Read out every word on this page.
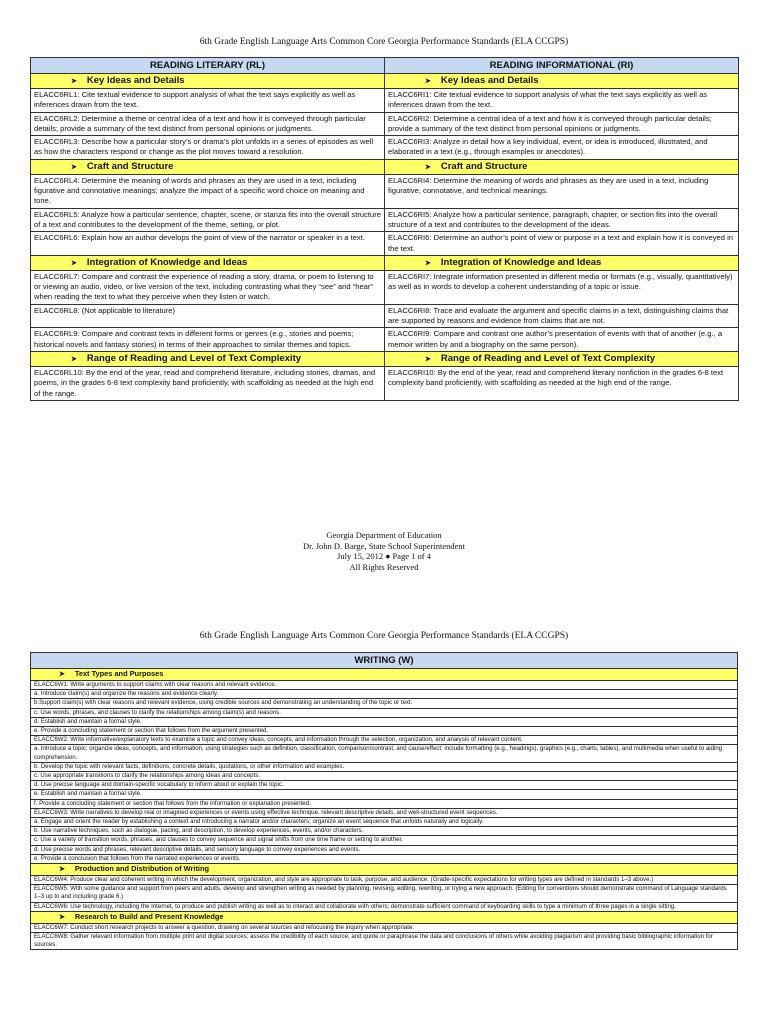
6th Grade English Language Arts Common Core Georgia Performance Standards (ELA CCGPS)
READING LITERARY (RL)	READING INFORMATIONAL (RI)
➤ Key Ideas and Details	➤ Key Ideas and Details
ELACC6RL1: Cite textual evidence to support analysis of what the text says explicitly as well as inferences drawn from the text.	ELACC6RI1: Cite textual evidence to support analysis of what the text says explicitly as well as inferences drawn from the text.
ELACC6RL2: Determine a theme or central idea of a text and how it is conveyed through particular details; provide a summary of the text distinct from personal opinions or judgments.	ELACC6RI2: Determine a central idea of a text and how it is conveyed through particular details; provide a summary of the text distinct from personal opinions or judgments.
ELACC6RL3: Describe how a particular story’s or drama’s plot unfolds in a series of episodes as well as how the characters respond or change as the plot moves toward a resolution.	ELACC6RI3: Analyze in detail how a key individual, event, or idea is introduced, illustrated, and elaborated in a text (e.g., through examples or anecdotes).
➤ Craft and Structure	➤ Craft and Structure
ELACC6RL4: Determine the meaning of words and phrases as they are used in a text, including figurative and connotative meanings; analyze the impact of a specific word choice on meaning and tone.	ELACC6RI4: Determine the meaning of words and phrases as they are used in a text, including figurative, connotative, and technical meanings.
ELACC6RL5: Analyze how a particular sentence, chapter, scene, or stanza fits into the overall structure of a text and contributes to the development of the theme, setting, or plot.	ELACC6RI5: Analyze how a particular sentence, paragraph, chapter, or section fits into the overall structure of a text and contributes to the development of the ideas.
ELACC6RL6: Explain how an author develops the point of view of the narrator or speaker in a text.	ELACC6RI6: Determine an author’s point of view or purpose in a text and explain how it is conveyed in the text.
➤ Integration of Knowledge and Ideas	➤ Integration of Knowledge and Ideas
ELACC6RL7: Compare and contrast the experience of reading a story, drama, or poem to listening to or viewing an audio, video, or live version of the text, including contrasting what they “see” and “hear” when reading the text to what they perceive when they listen or watch.	ELACC6RI7: Integrate information presented in different media or formats (e.g., visually, quantitatively) as well as in words to develop a coherent understanding of a topic or issue.
ELACC6RL8: (Not applicable to literature)	ELACC6RI8: Trace and evaluate the argument and specific claims in a text, distinguishing claims that are supported by reasons and evidence from claims that are not.
ELACC6RL9: Compare and contrast texts in different forms or genres (e.g., stories and poems; historical novels and fantasy stories) in terms of their approaches to similar themes and topics.	ELACC6RI9: Compare and contrast one author’s presentation of events with that of another (e.g., a memoir written by and a biography on the same person).
➤ Range of Reading and Level of Text Complexity	➤ Range of Reading and Level of Text Complexity
ELACC6RL10: By the end of the year, read and comprehend literature, including stories, dramas, and poems, in the grades 6-8 text complexity band proficiently, with scaffolding as needed at the high end of the range.	ELACC6RI10: By the end of the year, read and comprehend literary nonfiction in the grades 6-8 text complexity band proficiently, with scaffolding as needed at the high end of the range.
Georgia Department of Education
Dr. John D. Barge, State School Superintendent
July 15, 2012 ● Page 1 of 4
All Rights Reserved
6th Grade English Language Arts Common Core Georgia Performance Standards (ELA CCGPS)
WRITING (W)
➤ Text Types and Purposes
ELACC6W1: Write arguments to support claims with clear reasons and relevant evidence.
a. Introduce claim(s) and organize the reasons and evidence clearly.
b.Support claim(s) with clear reasons and relevant evidence, using credible sources and demonstrating an understanding of the topic or text.
c. Use words, phrases, and clauses to clarify the relationships among claim(s) and reasons.
d. Establish and maintain a formal style.
e. Provide a concluding statement or section that follows from the argument presented.
ELACC6W2: Write informative/explanatory texts to examine a topic and convey ideas, concepts, and information through the selection, organization, and analysis of relevant content.
a. Introduce a topic; organize ideas, concepts, and information, using strategies such as definition, classification, comparison/contrast, and cause/effect; include formatting (e.g., headings), graphics (e.g., charts, tables), and multimedia when useful to aiding comprehension.
b. Develop the topic with relevant facts, definitions, concrete details, quotations, or other information and examples.
c. Use appropriate transitions to clarify the relationships among ideas and concepts.
d. Use precise language and domain-specific vocabulary to inform about or explain the topic.
e. Establish and maintain a formal style.
f. Provide a concluding statement or section that follows from the information or explanation presented.
ELACC6W3: Write narratives to develop real or imagined experiences or events using effective technique, relevant descriptive details, and well-structured event sequences.
a. Engage and orient the reader by establishing a context and introducing a narrator and/or characters; organize an event sequence that unfolds naturally and logically.
b. Use narrative techniques, such as dialogue, pacing, and description, to develop experiences, events, and/or characters.
c. Use a variety of transition words, phrases, and clauses to convey sequence and signal shifts from one time frame or setting to another.
d. Use precise words and phrases, relevant descriptive details, and sensory language to convey experiences and events.
e. Provide a conclusion that follows from the narrated experiences or events.
➤ Production and Distribution of Writing
ELACC6W4: Produce clear and coherent writing in which the development, organization, and style are appropriate to task, purpose, and audience. (Grade-specific expectations for writing types are defined in standards 1–3 above.)
ELACC6W5: With some guidance and support from peers and adults, develop and strengthen writing as needed by planning, revising, editing, rewriting, or trying a new approach. (Editing for conventions should demonstrate command of Language standards 1–3 up to and including grade 6.)
ELACC6W6: Use technology, including the Internet, to produce and publish writing as well as to interact and collaborate with others; demonstrate sufficient command of keyboarding skills to type a minimum of three pages in a single sitting.
➤ Research to Build and Present Knowledge
ELACC6W7: Conduct short research projects to answer a question, drawing on several sources and refocusing the inquiry when appropriate.
ELACC6W8: Gather relevant information from multiple print and digital sources; assess the credibility of each source; and quote or paraphrase the data and conclusions of others while avoiding plagiarism and providing basic bibliographic information for sources.
